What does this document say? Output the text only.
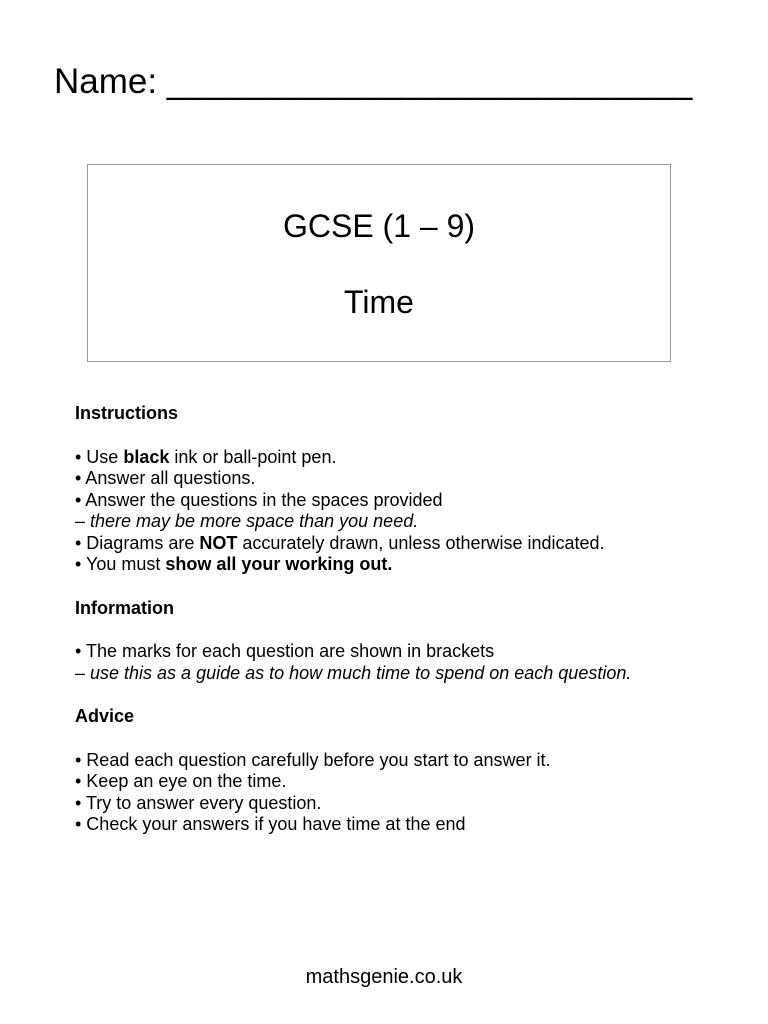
Name: ___________________________
GCSE (1 – 9)
Time

Instructions

• Use black ink or ball-point pen.

• Answer all questions.

• Answer the questions in the spaces provided

– there may be more space than you need.

• Diagrams are NOT accurately drawn, unless otherwise indicated.

• You must show all your working out.

Information

• The marks for each question are shown in brackets

– use this as a guide as to how much time to spend on each question.

Advice

• Read each question carefully before you start to answer it.

• Keep an eye on the time.

• Try to answer every question.

• Check your answers if you have time at the end

mathsgenie.co.uk
